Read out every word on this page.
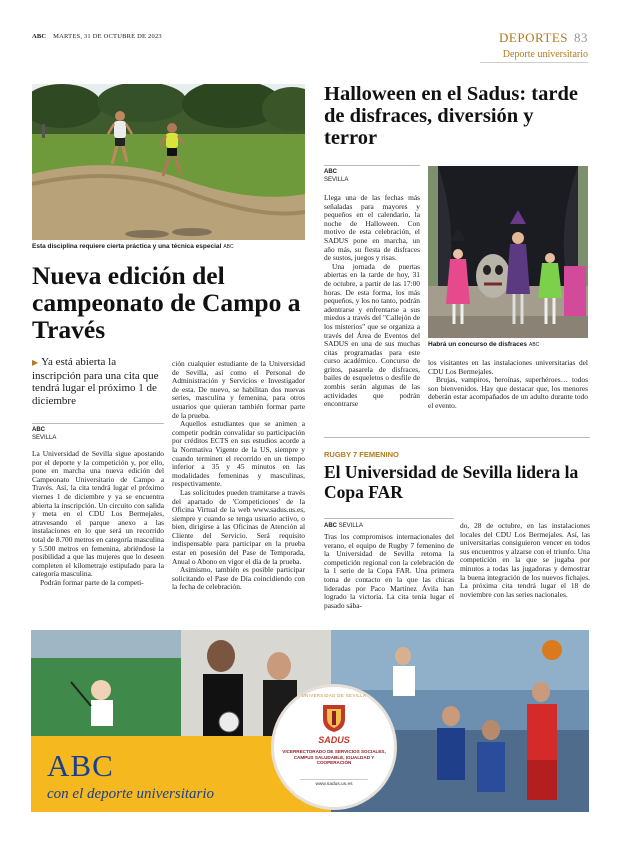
ABC MARTES, 31 DE OCTUBRE DE 2023	DEPORTES 83
Deporte universitario
Esta disciplina requiere cierta práctica y una técnica especial ABC
Nueva edición del campeonato de Campo a Través
▶ Ya está abierta la inscripción para una cita que tendrá lugar el próximo 1 de diciembre
ABC
SEVILLA

La Universidad de Sevilla sigue apostando por el deporte y la competición y, por ello, pone en marcha una nueva edición del Campeonato Universitario de Campo a Través. Así, la cita tendrá lugar el próximo viernes 1 de diciembre y ya se encuentra abierta la inscripción. Un circuito con salida y meta en el CDU Los Bermejales, atravesando el parque anexo a las instalaciones en lo que será un recorrido total de 8.700 metros en categoría masculina y 5.500 metros en femenina, abriéndose la posibilidad a que las mujeres que lo deseen completen el kilometraje estipulado para la categoría masculina.

Podrán formar parte de la competi-

ción cualquier estudiante de la Universidad de Sevilla, así como el Personal de Administración y Servicios e Investigador de esta. De nuevo, se habilitan dos nuevas series, masculina y femenina, para otros usuarios que quieran también formar parte de la prueba.

Aquellos estudiantes que se animen a competir podrán convalidar su participación por créditos ECTS en sus estudios acorde a la Normativa Vigente de la US, siempre y cuando terminen el recorrido en un tiempo inferior a 35 y 45 minutos en las modalidades femeninas y masculinas, respectivamente.

Las solicitudes pueden tramitarse a través del apartado de 'Competiciones' de la Oficina Virtual de la web www.sadus.us.es, siempre y cuando se tenga usuario activo, o bien, dirigirse a las Oficinas de Atención al Cliente del Servicio. Será requisito indispensable para participar en la prueba estar en posesión del Pase de Temporada, Anual o Abono en vigor el día de la prueba.

Asimismo, también es posible participar solicitando el Pase de Día coincidiendo con la fecha de celebración.

Halloween en el Sadus: tarde de disfraces, diversión y terror
ABC
SEVILLA

Llega una de las fechas más señaladas para mayores y pequeños en el calendario, la noche de Halloween. Con motivo de esta celebración, el SADUS pone en marcha, un año más, su fiesta de disfraces de sustos, juegos y risas.

Una jornada de puertas abiertas en la tarde de hoy, 31 de octubre, a partir de las 17:00 horas. De esta forma, los más pequeños, y los no tanto, podrán adentrarse y enfrentarse a sus miedos a través del "Callejón de los misterios" que se organiza a través del Área de Eventos del SADUS en una de sus muchas citas programadas para este curso académico. Concurso de gritos, pasarela de disfraces, bailes de esqueletos o desfile de zombis serán algunas de las actividades que podrán encontrarse

Habrá un concurso de disfraces ABC

los visitantes en las instalaciones universitarias del CDU Los Bermejales.

Brujas, vampiros, heroínas, superhéroes… todos son bienvenidos. Hay que destacar que, los menores deberán estar acompañados de un adulto durante todo el evento.

RUGBY 7 FEMENINO
El Universidad de Sevilla lidera la Copa FAR
ABC SEVILLA

Tras los compromisos internacionales del verano, el equipo de Rugby 7 femenino de la Universidad de Sevilla retoma la competición regional con la celebración de la 1 serie de la Copa FAR. Una primera toma de contacto en la que las chicas lideradas por Paco Martínez Ávila han logrado la victoria. La cita tenía lugar el pasado sába-

do, 28 de octubre, en las instalaciones locales del CDU Los Bermejales. Así, las universitarias consiguieron vencer en todos sus encuentros y alzarse con el triunfo. Una competición en la que se jugaba por minutos a todas las jugadoras y demostrar la buena integración de los nuevos fichajes. La próxima cita tendrá lugar el 18 de noviembre con las series nacionales.

ABC
con el deporte universitario
UNIVERSIDAD DE SEVILLA
SADUS
VICERRECTORADO DE SERVICIOS SOCIALES, CAMPUS SALUDABLE, IGUALDAD Y COOPERACIÓN
www.sadus.us.es
